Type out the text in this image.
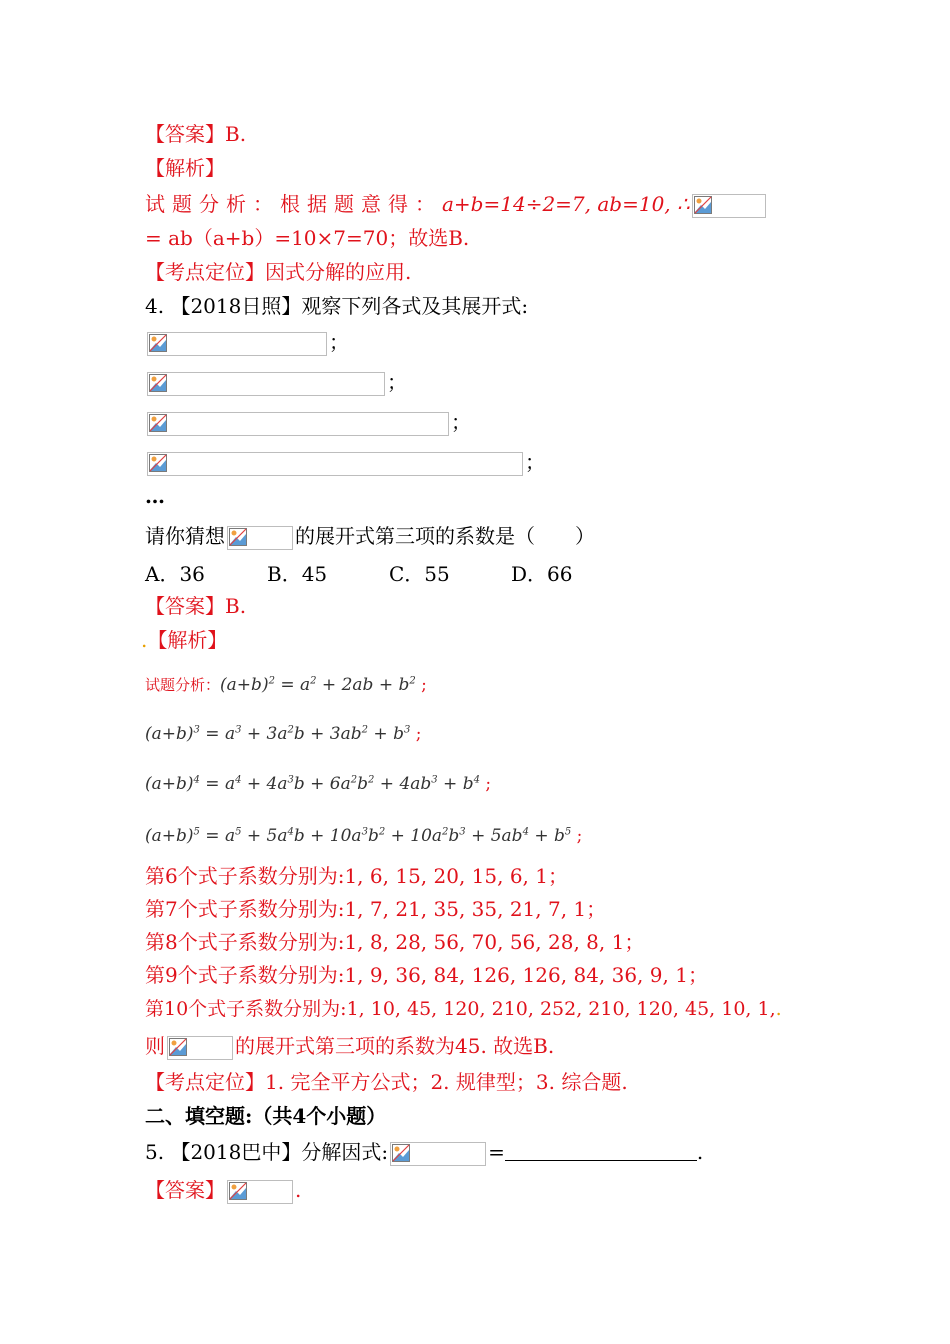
【答案】B.
【解析】
试题分析：根据题意得：a+b=14÷2=7, ab=10, ∴
= ab（a+b）=10×7=70；故选B.
【考点定位】因式分解的应用.
4. 【2018日照】观察下列各式及其展开式:
；
；
；
；
…
请你猜想	的展开式第三项的系数是（　　）
A．36	B．45	C．55	D．66
【答案】B.
.【解析】
试题分析：$(a+b)^2 = a^2 + 2ab + b^2$ ;
$(a+b)^3 = a^3 + 3a^2b + 3ab^2 + b^3$ ;
$(a+b)^4 = a^4 + 4a^3b + 6a^2b^2 + 4ab^3 + b^4$ ;
$(a+b)^5 = a^5 + 5a^4b + 10a^3b^2 + 10a^2b^3 + 5ab^4 + b^5$ ;
第6个式子系数分别为:1, 6, 15, 20, 15, 6, 1；
第7个式子系数分别为:1, 7, 21, 35, 35, 21, 7, 1；
第8个式子系数分别为:1, 8, 28, 56, 70, 56, 28, 8, 1；
第9个式子系数分别为:1, 9, 36, 84, 126, 126, 84, 36, 9, 1；
第10个式子系数分别为:1, 10, 45, 120, 210, 252, 210, 120, 45, 10, 1,.
则	的展开式第三项的系数为45. 故选B.
【考点定位】1. 完全平方公式；2. 规律型；3. 综合题.
二、填空题:（共4个小题）
5. 【2018巴中】分解因式:	=	.
【答案】	.
